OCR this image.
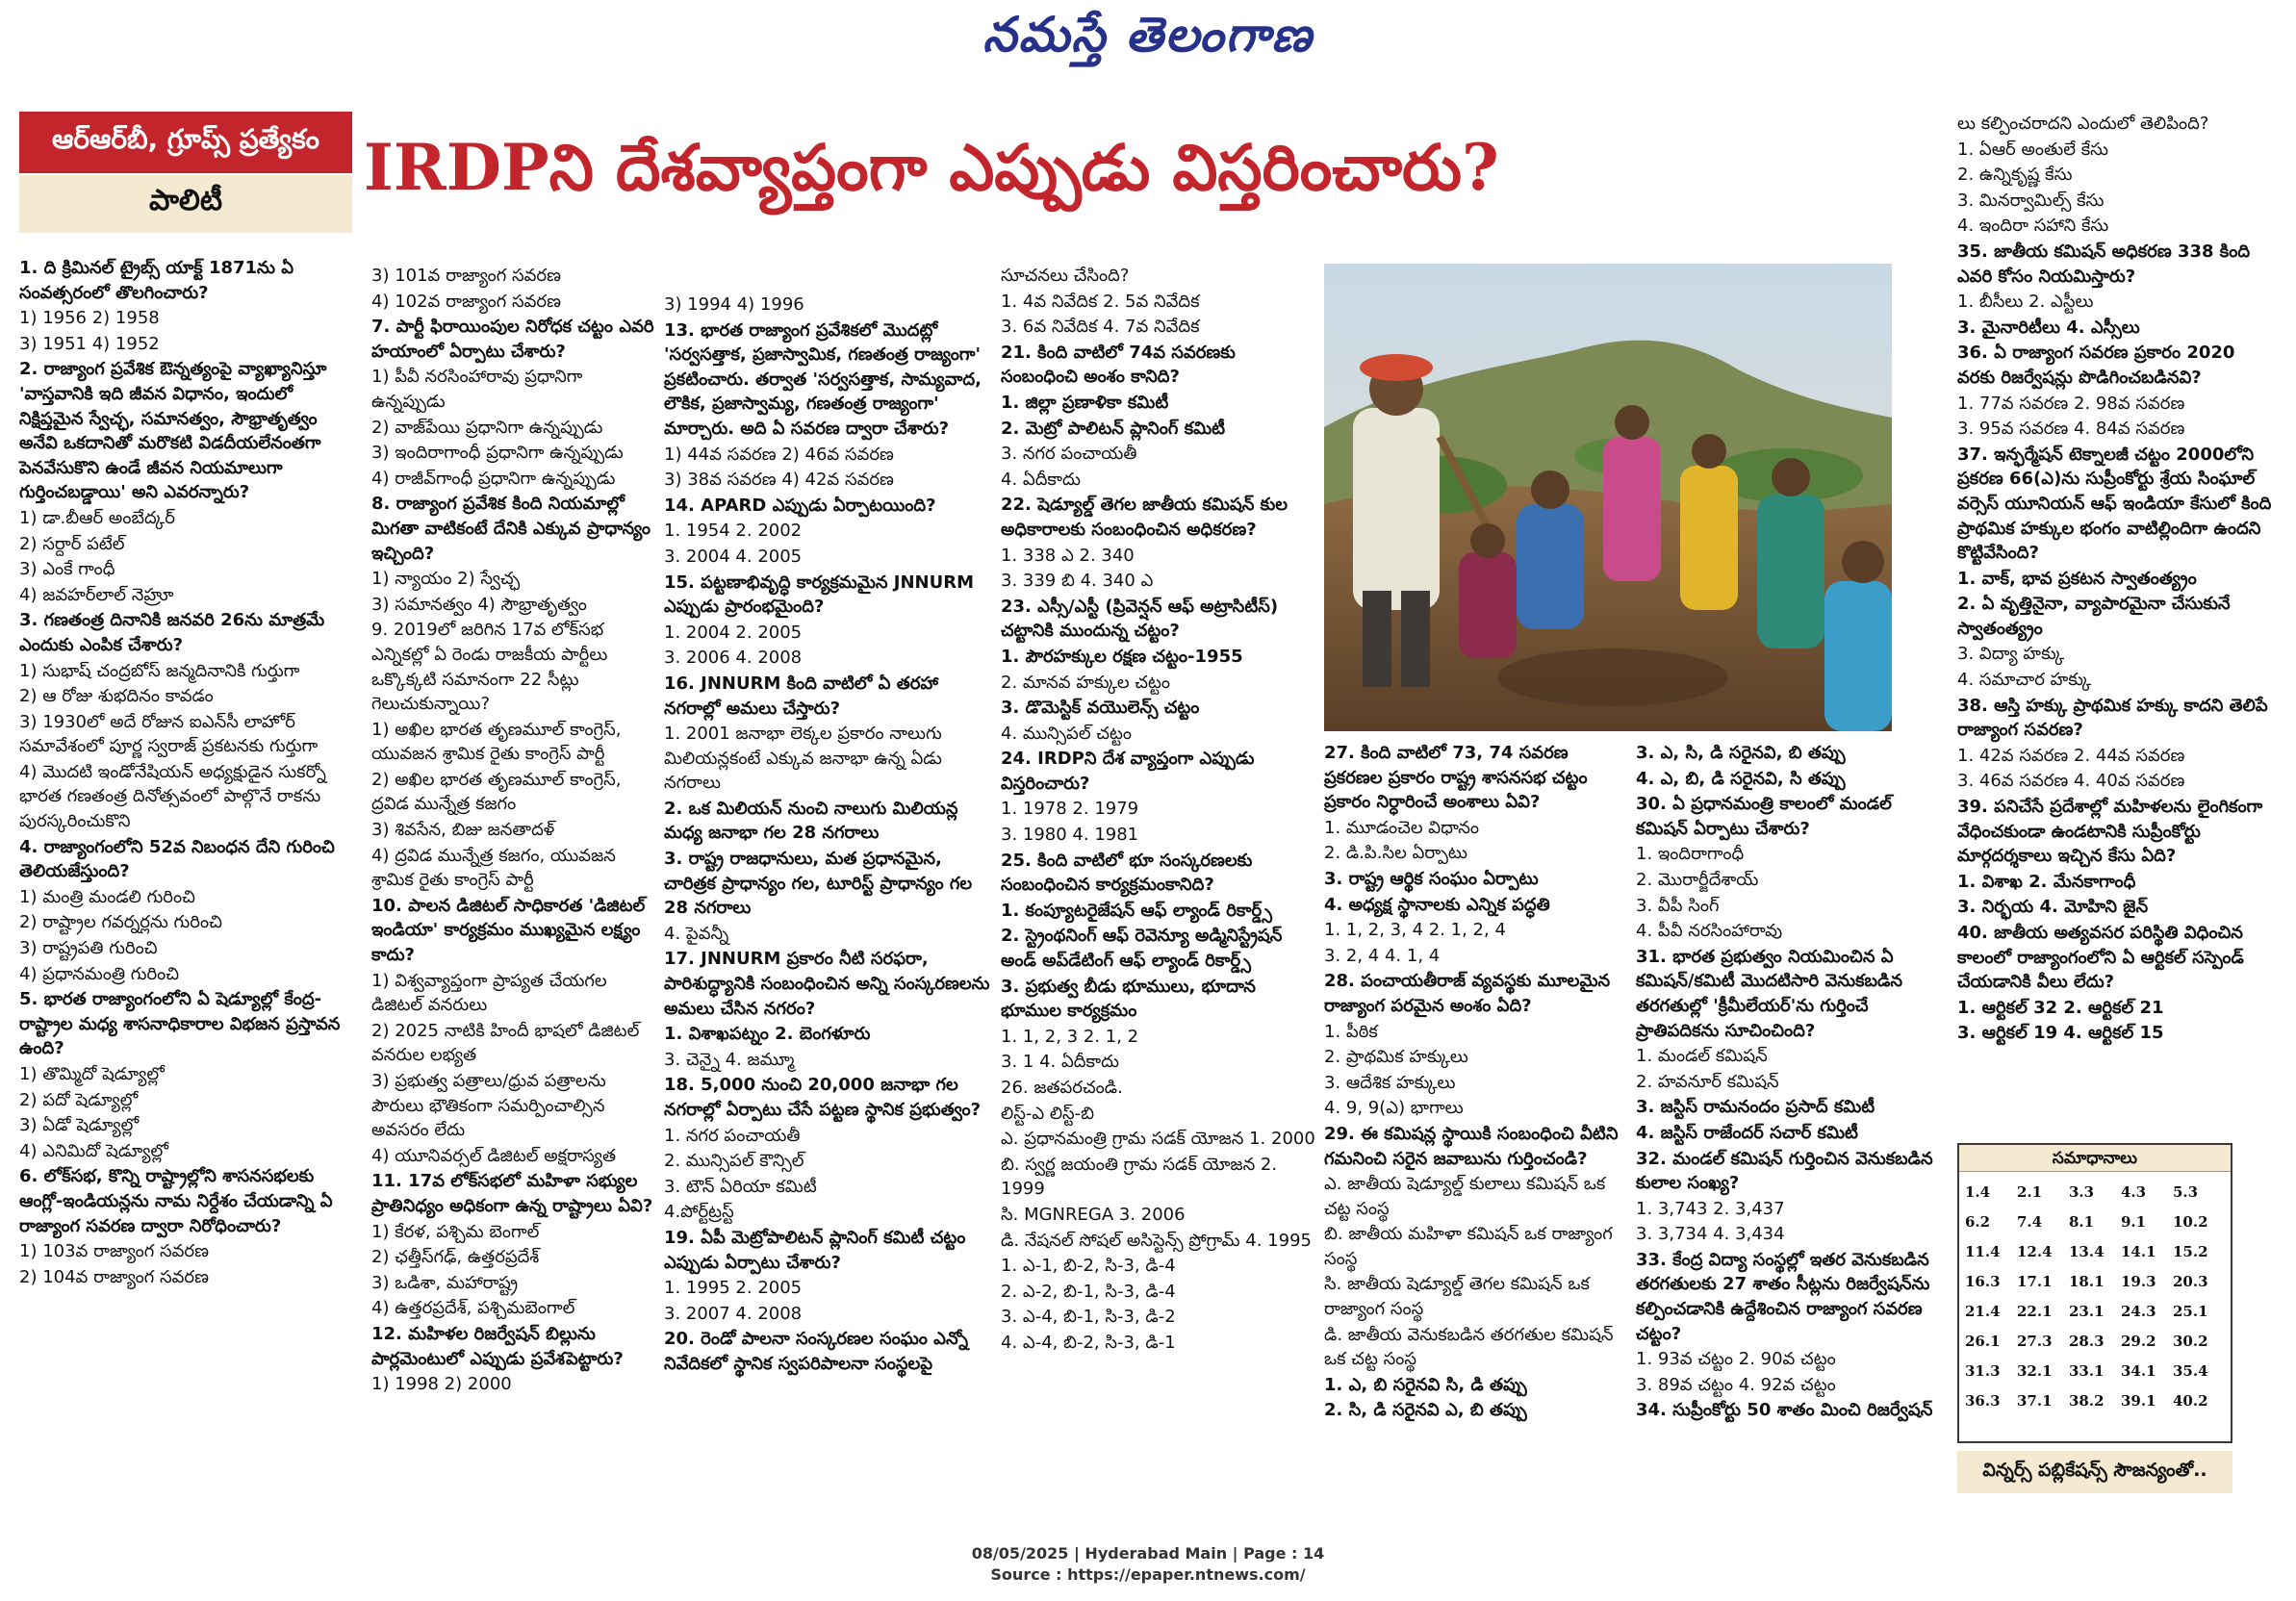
నమస్తే తెలంగాణ
ఆర్ఆర్‌బీ, గ్రూప్స్ ప్రత్యేకం
పాలిటీ	IRDPని దేశవ్యాప్తంగా ఎప్పుడు విస్తరించారు?
1. ది క్రిమినల్ ట్రైబ్స్ యాక్ట్ 1871ను ఏ సంవత్సరంలో తొలగించారు?
1) 1956 2) 1958
3) 1951 4) 1952
2. రాజ్యాంగ ప్రవేశిక ఔన్నత్యంపై వ్యాఖ్యానిస్తూ 'వాస్తవానికి ఇది జీవన విధానం, ఇందులో నిక్షిప్తమైన స్వేచ్ఛ, సమానత్వం, సౌభ్రాతృత్వం అనేవి ఒకదానితో మరొకటి విడదీయలేనంతగా పెనవేసుకొని ఉండే జీవన నియమాలుగా గుర్తించబడ్డాయి' అని ఎవరన్నారు?
1) డా.బీఆర్ అంబేద్కర్
2) సర్దార్ పటేల్
3) ఎంకే గాంధీ
4) జవహర్‌లాల్ నెహ్రూ
3. గణతంత్ర దినానికి జనవరి 26ను మాత్రమే ఎందుకు ఎంపిక చేశారు?
1) సుభాష్ చంద్రబోస్ జన్మదినానికి గుర్తుగా
2) ఆ రోజు శుభదినం కావడం
3) 1930లో అదే రోజున ఐఎన్‌సీ లాహోర్ సమావేశంలో పూర్ణ స్వరాజ్ ప్రకటనకు గుర్తుగా
4) మొదటి ఇండోనేషియన్ అధ్యక్షుడైన సుకర్నో భారత గణతంత్ర దినోత్సవంలో పాల్గొనే రాకను పురస్కరించుకొని
4. రాజ్యాంగంలోని 52వ నిబంధన దేని గురించి తెలియజేస్తుంది?
1) మంత్రి మండలి గురించి
2) రాష్ట్రాల గవర్నర్లను గురించి
3) రాష్ట్రపతి గురించి
4) ప్రధానమంత్రి గురించి
5. భారత రాజ్యాంగంలోని ఏ షెడ్యూల్లో కేంద్ర-రాష్ట్రాల మధ్య శాసనాధికారాల విభజన ప్రస్తావన ఉంది?
1) తొమ్మిదో షెడ్యూల్లో
2) పదో షెడ్యూల్లో
3) ఏడో షెడ్యూల్లో
4) ఎనిమిదో షెడ్యూల్లో
6. లోక్‌సభ, కొన్ని రాష్ట్రాల్లోని శాసనసభలకు ఆంగ్లో-ఇండియన్లను నామ నిర్దేశం చేయడాన్ని ఏ రాజ్యాంగ సవరణ ద్వారా నిరోధించారు?
1) 103వ రాజ్యాంగ సవరణ
2) 104వ రాజ్యాంగ సవరణ
3) 101వ రాజ్యాంగ సవరణ
4) 102వ రాజ్యాంగ సవరణ
7. పార్టీ ఫిరాయింపుల నిరోధక చట్టం ఎవరి హయాంలో ఏర్పాటు చేశారు?
1) పీవీ నరసింహారావు ప్రధానిగా ఉన్నప్పుడు
2) వాజ్‌పేయి ప్రధానిగా ఉన్నప్పుడు
3) ఇందిరాగాంధీ ప్రధానిగా ఉన్నప్పుడు
4) రాజీవ్‌గాంధీ ప్రధానిగా ఉన్నప్పుడు
8. రాజ్యాంగ ప్రవేశిక కింది నియమాల్లో మిగతా వాటికంటే దేనికి ఎక్కువ ప్రాధాన్యం ఇచ్చింది?
1) న్యాయం 2) స్వేచ్ఛ
3) సమానత్వం 4) సౌభ్రాతృత్వం
9. 2019లో జరిగిన 17వ లోక్‌సభ ఎన్నికల్లో ఏ రెండు రాజకీయ పార్టీలు ఒక్కొక్కటి సమానంగా 22 సీట్లు గెలుచుకున్నాయి?
1) అఖిల భారత తృణమూల్ కాంగ్రెస్, యువజన శ్రామిక రైతు కాంగ్రెస్ పార్టీ
2) అఖిల భారత తృణమూల్ కాంగ్రెస్, ద్రవిడ మున్నేత్ర కజగం
3) శివసేన, బిజు జనతాదళ్
4) ద్రవిడ మున్నేత్ర కజగం, యువజన శ్రామిక రైతు కాంగ్రెస్ పార్టీ
10. పాలన డిజిటల్ సాధికారత 'డిజిటల్ ఇండియా' కార్యక్రమం ముఖ్యమైన లక్ష్యం కాదు?
1) విశ్వవ్యాప్తంగా ప్రాప్యత చేయగల డిజిటల్ వనరులు
2) 2025 నాటికి హిందీ భాషలో డిజిటల్ వనరుల లభ్యత
3) ప్రభుత్వ పత్రాలు/ధ్రువ పత్రాలను పౌరులు భౌతికంగా సమర్పించాల్సిన అవసరం లేదు
4) యూనివర్సల్ డిజిటల్ అక్షరాస్యత
11. 17వ లోక్‌సభలో మహిళా సభ్యుల ప్రాతినిధ్యం అధికంగా ఉన్న రాష్ట్రాలు ఏవి?
1) కేరళ, పశ్చిమ బెంగాల్
2) ఛత్తీస్‌గఢ్, ఉత్తరప్రదేశ్
3) ఒడిశా, మహారాష్ట్ర
4) ఉత్తరప్రదేశ్, పశ్చిమబెంగాల్
12. మహిళల రిజర్వేషన్ బిల్లును పార్లమెంటులో ఎప్పుడు ప్రవేశపెట్టారు?
1) 1998 2) 2000
3) 1994 4) 1996
13. భారత రాజ్యాంగ ప్రవేశికలో మొదట్లో 'సర్వసత్తాక, ప్రజాస్వామిక, గణతంత్ర రాజ్యంగా' ప్రకటించారు. తర్వాత 'సర్వసత్తాక, సామ్యవాద, లౌకిక, ప్రజాస్వామ్య, గణతంత్ర రాజ్యంగా' మార్చారు. అది ఏ సవరణ ద్వారా చేశారు?
1) 44వ సవరణ 2) 46వ సవరణ
3) 38వ సవరణ 4) 42వ సవరణ
14. APARD ఎప్పుడు ఏర్పాటయింది?
1. 1954 2. 2002
3. 2004 4. 2005
15. పట్టణాభివృద్ధి కార్యక్రమమైన JNNURM ఎప్పుడు ప్రారంభమైంది?
1. 2004 2. 2005
3. 2006 4. 2008
16. JNNURM కింది వాటిలో ఏ తరహా నగరాల్లో అమలు చేస్తారు?
1. 2001 జనాభా లెక్కల ప్రకారం నాలుగు మిలియన్లకంటే ఎక్కువ జనాభా ఉన్న ఏడు నగరాలు
2. ఒక మిలియన్ నుంచి నాలుగు మిలియన్ల మధ్య జనాభా గల 28 నగరాలు
3. రాష్ట్ర రాజధానులు, మత ప్రధానమైన, చారిత్రక ప్రాధాన్యం గల, టూరిస్ట్ ప్రాధాన్యం గల 28 నగరాలు
4. పైవన్నీ
17. JNNURM ప్రకారం నీటి సరఫరా, పారిశుద్ధ్యానికి సంబంధించిన అన్ని సంస్కరణలను అమలు చేసిన నగరం?
1. విశాఖపట్నం 2. బెంగళూరు
3. చెన్నై 4. జమ్మూ
18. 5,000 నుంచి 20,000 జనాభా గల నగరాల్లో ఏర్పాటు చేసే పట్టణ స్థానిక ప్రభుత్వం?
1. నగర పంచాయతీ
2. మున్సిపల్ కౌన్సిల్
3. టౌన్ ఏరియా కమిటీ
4.పోర్ట్‌ట్రస్ట్
19. ఏపీ మెట్రోపాలిటన్ ప్లానింగ్ కమిటీ చట్టం ఎప్పుడు ఏర్పాటు చేశారు?
1. 1995 2. 2005
3. 2007 4. 2008
20. రెండో పాలనా సంస్కరణల సంఘం ఎన్నో నివేదికలో స్థానిక స్వపరిపాలనా సంస్థలపై
సూచనలు చేసింది?
1. 4వ నివేదిక 2. 5వ నివేదిక
3. 6వ నివేదిక 4. 7వ నివేదిక
21. కింది వాటిలో 74వ సవరణకు సంబంధించి అంశం కానిది?
1. జిల్లా ప్రణాళికా కమిటీ
2. మెట్రో పాలిటన్ ప్లానింగ్ కమిటీ
3. నగర పంచాయతీ
4. ఏదీకాదు
22. షెడ్యూల్డ్ తెగల జాతీయ కమిషన్ కుల అధికారాలకు సంబంధించిన అధికరణ?
1. 338 ఎ 2. 340
3. 339 బి 4. 340 ఎ
23. ఎస్సీ/ఎస్టీ (ప్రివెన్షన్ ఆఫ్ అట్రాసిటీస్) చట్టానికి ముందున్న చట్టం?
1. పౌరహక్కుల రక్షణ చట్టం-1955
2. మానవ హక్కుల చట్టం
3. డొమెస్టిక్ వయొలెన్స్ చట్టం
4. మున్సిపల్ చట్టం
24. IRDPని దేశ వ్యాప్తంగా ఎప్పుడు విస్తరించారు?
1. 1978 2. 1979
3. 1980 4. 1981
25. కింది వాటిలో భూ సంస్కరణలకు సంబంధించిన కార్యక్రమంకానిది?
1. కంప్యూటరైజేషన్ ఆఫ్ ల్యాండ్ రికార్డ్స్
2. స్ట్రెంథనింగ్ ఆఫ్ రెవెన్యూ అడ్మినిస్ట్రేషన్ అండ్ అప్‌డేటింగ్ ఆఫ్ ల్యాండ్ రికార్డ్స్
3. ప్రభుత్వ బీడు భూములు, భూదాన భూముల కార్యక్రమం
1. 1, 2, 3 2. 1, 2
3. 1 4. ఏదీకాదు
26. జతపరచండి.
లిస్ట్-ఎ లిస్ట్-బి
ఎ. ప్రధానమంత్రి గ్రామ సడక్ యోజన 1. 2000
బి. స్వర్ణ జయంతి గ్రామ సడక్ యోజన 2. 1999
సి. MGNREGA 3. 2006
డి. నేషనల్ సోషల్ అసిస్టెన్స్ ప్రోగ్రామ్ 4. 1995
1. ఎ-1, బి-2, సి-3, డి-4
2. ఎ-2, బి-1, సి-3, డి-4
3. ఎ-4, బి-1, సి-3, డి-2
4. ఎ-4, బి-2, సి-3, డి-1
27. కింది వాటిలో 73, 74 సవరణ ప్రకరణల ప్రకారం రాష్ట్ర శాసనసభ చట్టం ప్రకారం నిర్ధారించే అంశాలు ఏవి?
1. మూడంచెల విధానం
2. డి.పి.సిల ఏర్పాటు
3. రాష్ట్ర ఆర్థిక సంఘం ఏర్పాటు
4. అధ్యక్ష స్థానాలకు ఎన్నిక పద్ధతి
1. 1, 2, 3, 4 2. 1, 2, 4
3. 2, 4 4. 1, 4
28. పంచాయతీరాజ్ వ్యవస్థకు మూలమైన రాజ్యాంగ పరమైన అంశం ఏది?
1. పీఠిక
2. ప్రాథమిక హక్కులు
3. ఆదేశిక హక్కులు
4. 9, 9(ఎ) భాగాలు
29. ఈ కమిషన్ల స్థాయికి సంబంధించి వీటిని గమనించి సరైన జవాబును గుర్తించండి?
ఎ. జాతీయ షెడ్యూల్డ్ కులాలు కమిషన్ ఒక చట్ట సంస్థ
బి. జాతీయ మహిళా కమిషన్ ఒక రాజ్యాంగ సంస్థ
సి. జాతీయ షెడ్యూల్డ్ తెగల కమిషన్ ఒక రాజ్యాంగ సంస్థ
డి. జాతీయ వెనుకబడిన తరగతుల కమిషన్ ఒక చట్ట సంస్థ
1. ఎ, బి సరైనవి సి, డి తప్పు
2. సి, డి సరైనవి ఎ, బి తప్పు
3. ఎ, సి, డి సరైనవి, బి తప్పు
4. ఎ, బి, డి సరైనవి, సి తప్పు
30. ఏ ప్రధానమంత్రి కాలంలో మండల్ కమిషన్ ఏర్పాటు చేశారు?
1. ఇందిరాగాంధీ
2. మొరార్జీదేశాయ్
3. వీపీ సింగ్
4. పీవీ నరసింహారావు
31. భారత ప్రభుత్వం నియమించిన ఏ కమిషన్/కమిటీ మొదటిసారి వెనుకబడిన తరగతుల్లో 'క్రీమీలేయర్'ను గుర్తించే ప్రాతిపదికను సూచించింది?
1. మండల్ కమిషన్
2. హవనూర్ కమిషన్
3. జస్టిస్ రామనందం ప్రసాద్ కమిటీ
4. జస్టిస్ రాజేందర్ సచార్ కమిటీ
32. మండల్ కమిషన్ గుర్తించిన వెనుకబడిన కులాల సంఖ్య?
1. 3,743 2. 3,437
3. 3,734 4. 3,434
33. కేంద్ర విద్యా సంస్థల్లో ఇతర వెనుకబడిన తరగతులకు 27 శాతం సీట్లను రిజర్వేషన్‌ను కల్పించడానికి ఉద్దేశించిన రాజ్యాంగ సవరణ చట్టం?
1. 93వ చట్టం 2. 90వ చట్టం
3. 89వ చట్టం 4. 92వ చట్టం
34. సుప్రీంకోర్టు 50 శాతం మించి రిజర్వేషన్
లు కల్పించరాదని ఎందులో తెలిపింది?
1. ఏఆర్ అంతులే కేసు
2. ఉన్నికృష్ణ కేసు
3. మినర్వామిల్స్ కేసు
4. ఇందిరా సహాని కేసు
35. జాతీయ కమిషన్ అధికరణ 338 కింది ఎవరి కోసం నియమిస్తారు?
1. బీసీలు 2. ఎస్టీలు
3. మైనారిటీలు 4. ఎస్సీలు
36. ఏ రాజ్యాంగ సవరణ ప్రకారం 2020 వరకు రిజర్వేషన్లు పొడిగించబడినవి?
1. 77వ సవరణ 2. 98వ సవరణ
3. 95వ సవరణ 4. 84వ సవరణ
37. ఇన్ఫర్మేషన్ టెక్నాలజీ చట్టం 2000లోని ప్రకరణ 66(ఎ)ను సుప్రీంకోర్టు శ్రేయ సింఘాల్ వర్సెస్ యూనియన్ ఆఫ్ ఇండియా కేసులో కింది ప్రాథమిక హక్కుల భంగం వాటిల్లిందిగా ఉందని కొట్టివేసింది?
1. వాక్, భావ ప్రకటన స్వాతంత్య్రం
2. ఏ వృత్తినైనా, వ్యాపారమైనా చేసుకునే స్వాతంత్య్రం
3. విద్యా హక్కు
4. సమాచార హక్కు
38. ఆస్తి హక్కు ప్రాథమిక హక్కు కాదని తెలిపే రాజ్యాంగ సవరణ?
1. 42వ సవరణ 2. 44వ సవరణ
3. 46వ సవరణ 4. 40వ సవరణ
39. పనిచేసే ప్రదేశాల్లో మహిళలను లైంగికంగా వేధించకుండా ఉండటానికి సుప్రీంకోర్టు మార్గదర్శకాలు ఇచ్చిన కేసు ఏది?
1. విశాఖ 2. మేనకాగాంధీ
3. నిర్భయ 4. మోహిని జైన్
40. జాతీయ అత్యవసర పరిస్థితి విధించిన కాలంలో రాజ్యాంగంలోని ఏ ఆర్టికల్ సస్పెండ్ చేయడానికి వీలు లేదు?
1. ఆర్టికల్ 32 2. ఆర్టికల్ 21
3. ఆర్టికల్ 19 4. ఆర్టికల్ 15
సమాధానాలు
1.4	2.1	3.3	4.3	5.3
6.2	7.4	8.1	9.1	10.2
11.4	12.4	13.4	14.1	15.2
16.3	17.1	18.1	19.3	20.3
21.4	22.1	23.1	24.3	25.1
26.1	27.3	28.3	29.2	30.2
31.3	32.1	33.1	34.1	35.4
36.3	37.1	38.2	39.1	40.2
విన్నర్స్ పబ్లికేషన్స్ సౌజన్యంతో..
08/05/2025 | Hyderabad Main | Page : 14
Source : https://epaper.ntnews.com/
